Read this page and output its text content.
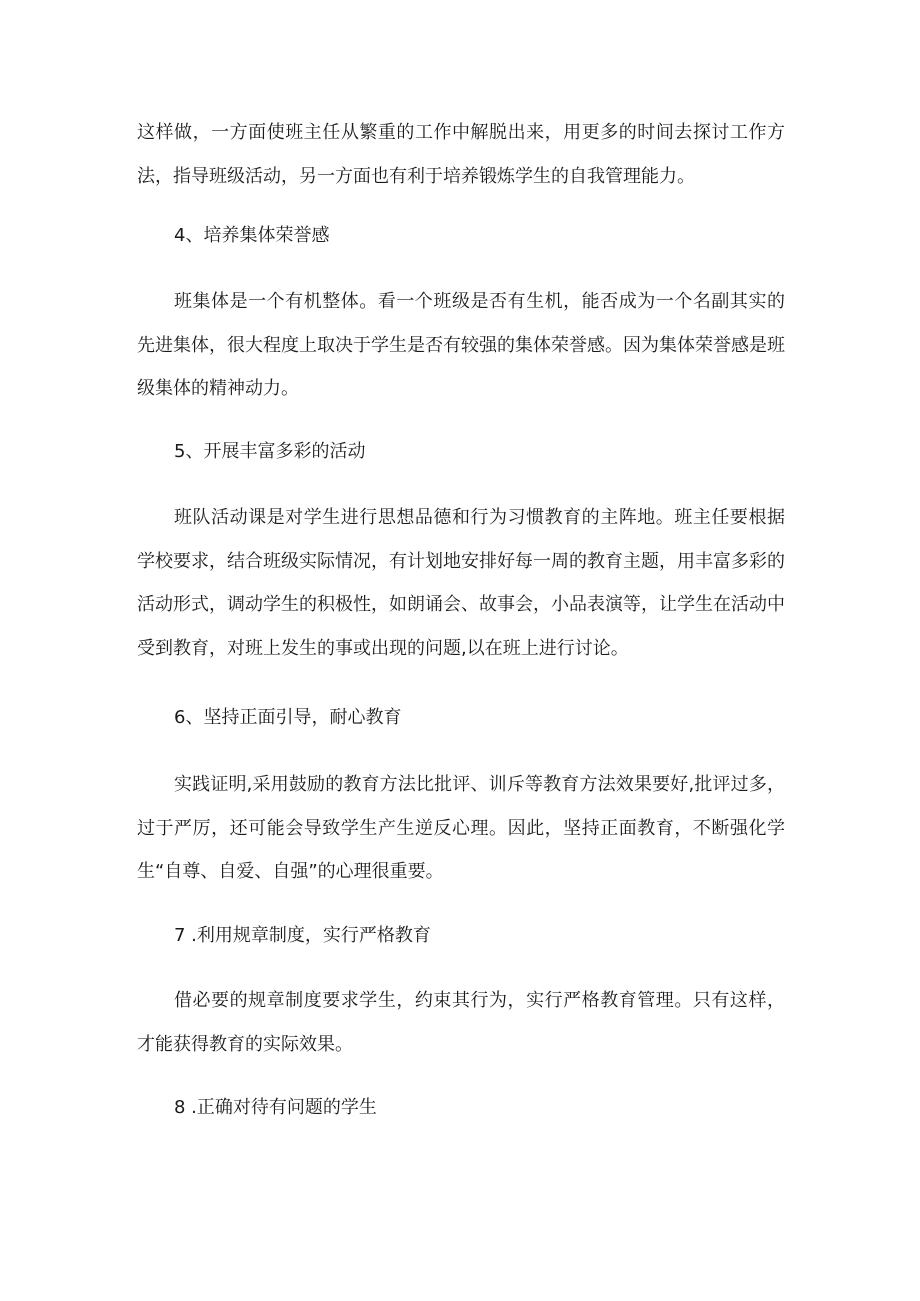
这样做，一方面使班主任从繁重的工作中解脱出来，用更多的时间去探讨工作方法，指导班级活动，另一方面也有利于培养锻炼学生的自我管理能力。

4、培养集体荣誉感

班集体是一个有机整体。看一个班级是否有生机，能否成为一个名副其实的先进集体，很大程度上取决于学生是否有较强的集体荣誉感。因为集体荣誉感是班级集体的精神动力。

5、开展丰富多彩的活动

班队活动课是对学生进行思想品德和行为习惯教育的主阵地。班主任要根据学校要求，结合班级实际情况，有计划地安排好每一周的教育主题，用丰富多彩的活动形式，调动学生的积极性，如朗诵会、故事会，小品表演等，让学生在活动中受到教育，对班上发生的事或出现的问题,以在班上进行讨论。

6、坚持正面引导，耐心教育

实践证明,采用鼓励的教育方法比批评、训斥等教育方法效果要好,批评过多，过于严厉，还可能会导致学生产生逆反心理。因此，坚持正面教育，不断强化学生“自尊、自爱、自强”的心理很重要。

7 .利用规章制度，实行严格教育

借必要的规章制度要求学生，约束其行为，实行严格教育管理。只有这样，才能获得教育的实际效果。

8 .正确对待有问题的学生
